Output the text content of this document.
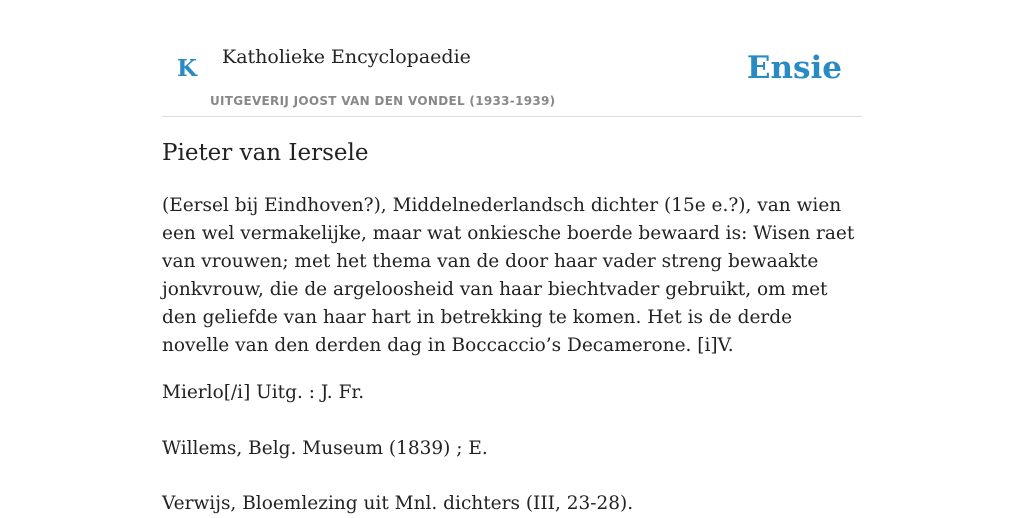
K Katholieke Encyclopaedie
UITGEVERIJ JOOST VAN DEN VONDEL (1933-1939)
Ensie
Pieter van Iersele

(Eersel bij Eindhoven?), Middelnederlandsch dichter (15e e.?), van wien een wel vermakelijke, maar wat onkiesche boerde bewaard is: Wisen raet van vrouwen; met het thema van de door haar vader streng bewaakte jonkvrouw, die de argeloosheid van haar biechtvader gebruikt, om met den geliefde van haar hart in betrekking te komen. Het is de derde novelle van den derden dag in Boccaccio’s Decamerone. [i]V.

Mierlo[/i] Uitg. : J. Fr.

Willems, Belg. Museum (1839) ; E.

Verwijs, Bloemlezing uit Mnl. dichters (III, 23-28).
